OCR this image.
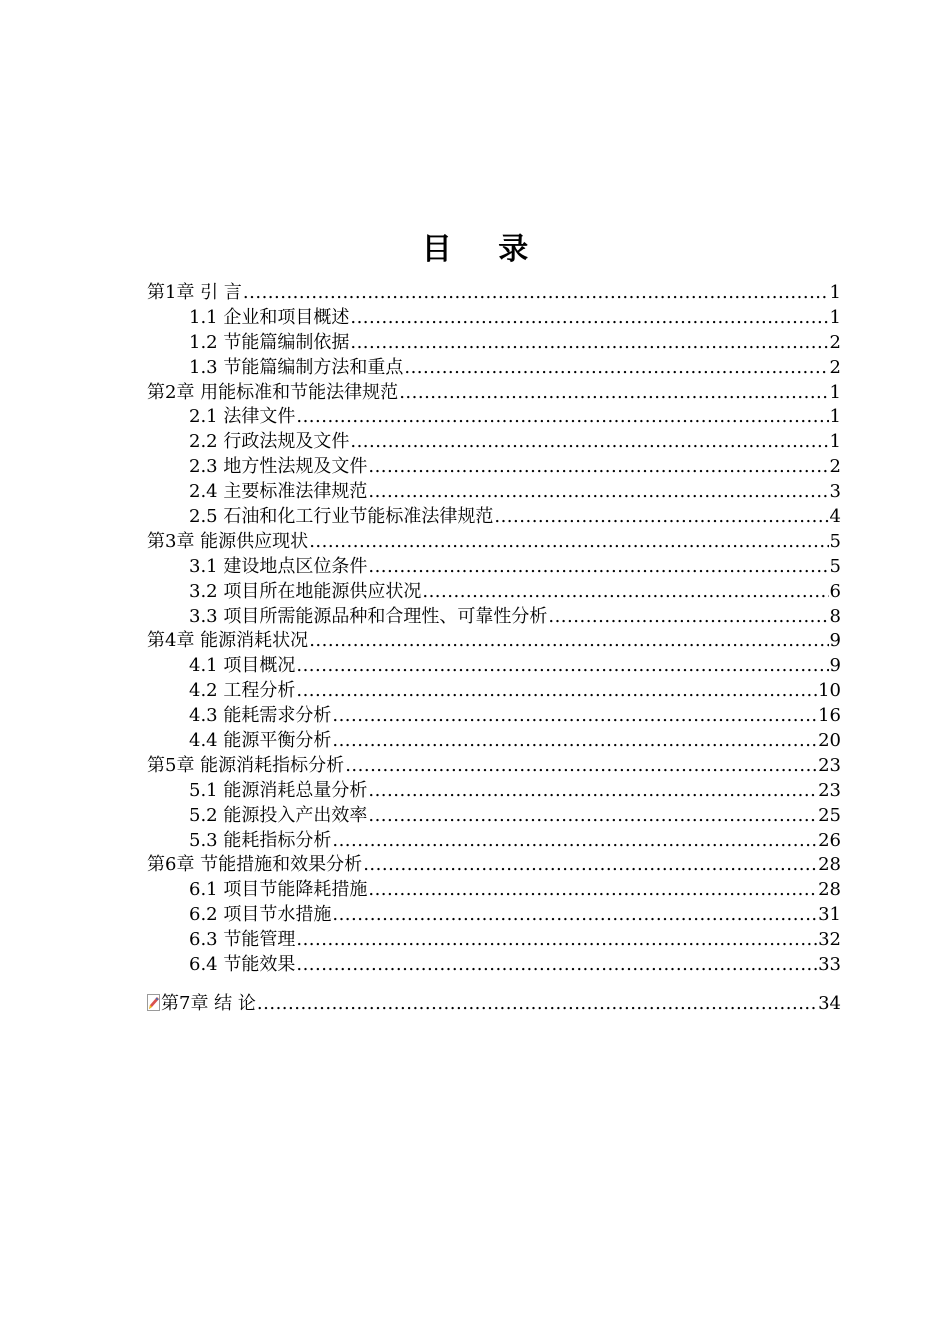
目 录
第1章 引 言 .....	1
1.1 企业和项目概述 .....	1
1.2 节能篇编制依据 .....	2
1.3 节能篇编制方法和重点 .....	2
第2章 用能标准和节能法律规范 .....	1
2.1 法律文件 .....	1
2.2 行政法规及文件 .....	1
2.3 地方性法规及文件 .....	2
2.4 主要标准法律规范 .....	3
2.5 石油和化工行业节能标准法律规范 .....	4
第3章 能源供应现状 .....	5
3.1 建设地点区位条件 .....	5
3.2 项目所在地能源供应状况 .....	6
3.3 项目所需能源品种和合理性、可靠性分析 .....	8
第4章 能源消耗状况 .....	9
4.1 项目概况 .....	9
4.2 工程分析 .....	10
4.3 能耗需求分析 .....	16
4.4 能源平衡分析 .....	20
第5章 能源消耗指标分析 .....	23
5.1 能源消耗总量分析 .....	23
5.2 能源投入产出效率 .....	25
5.3 能耗指标分析 .....	26
第6章 节能措施和效果分析 .....	28
6.1 项目节能降耗措施 .....	28
6.2 项目节水措施 .....	31
6.3 节能管理 .....	32
6.4 节能效果 .....	33
第7章 结 论 .....	34
